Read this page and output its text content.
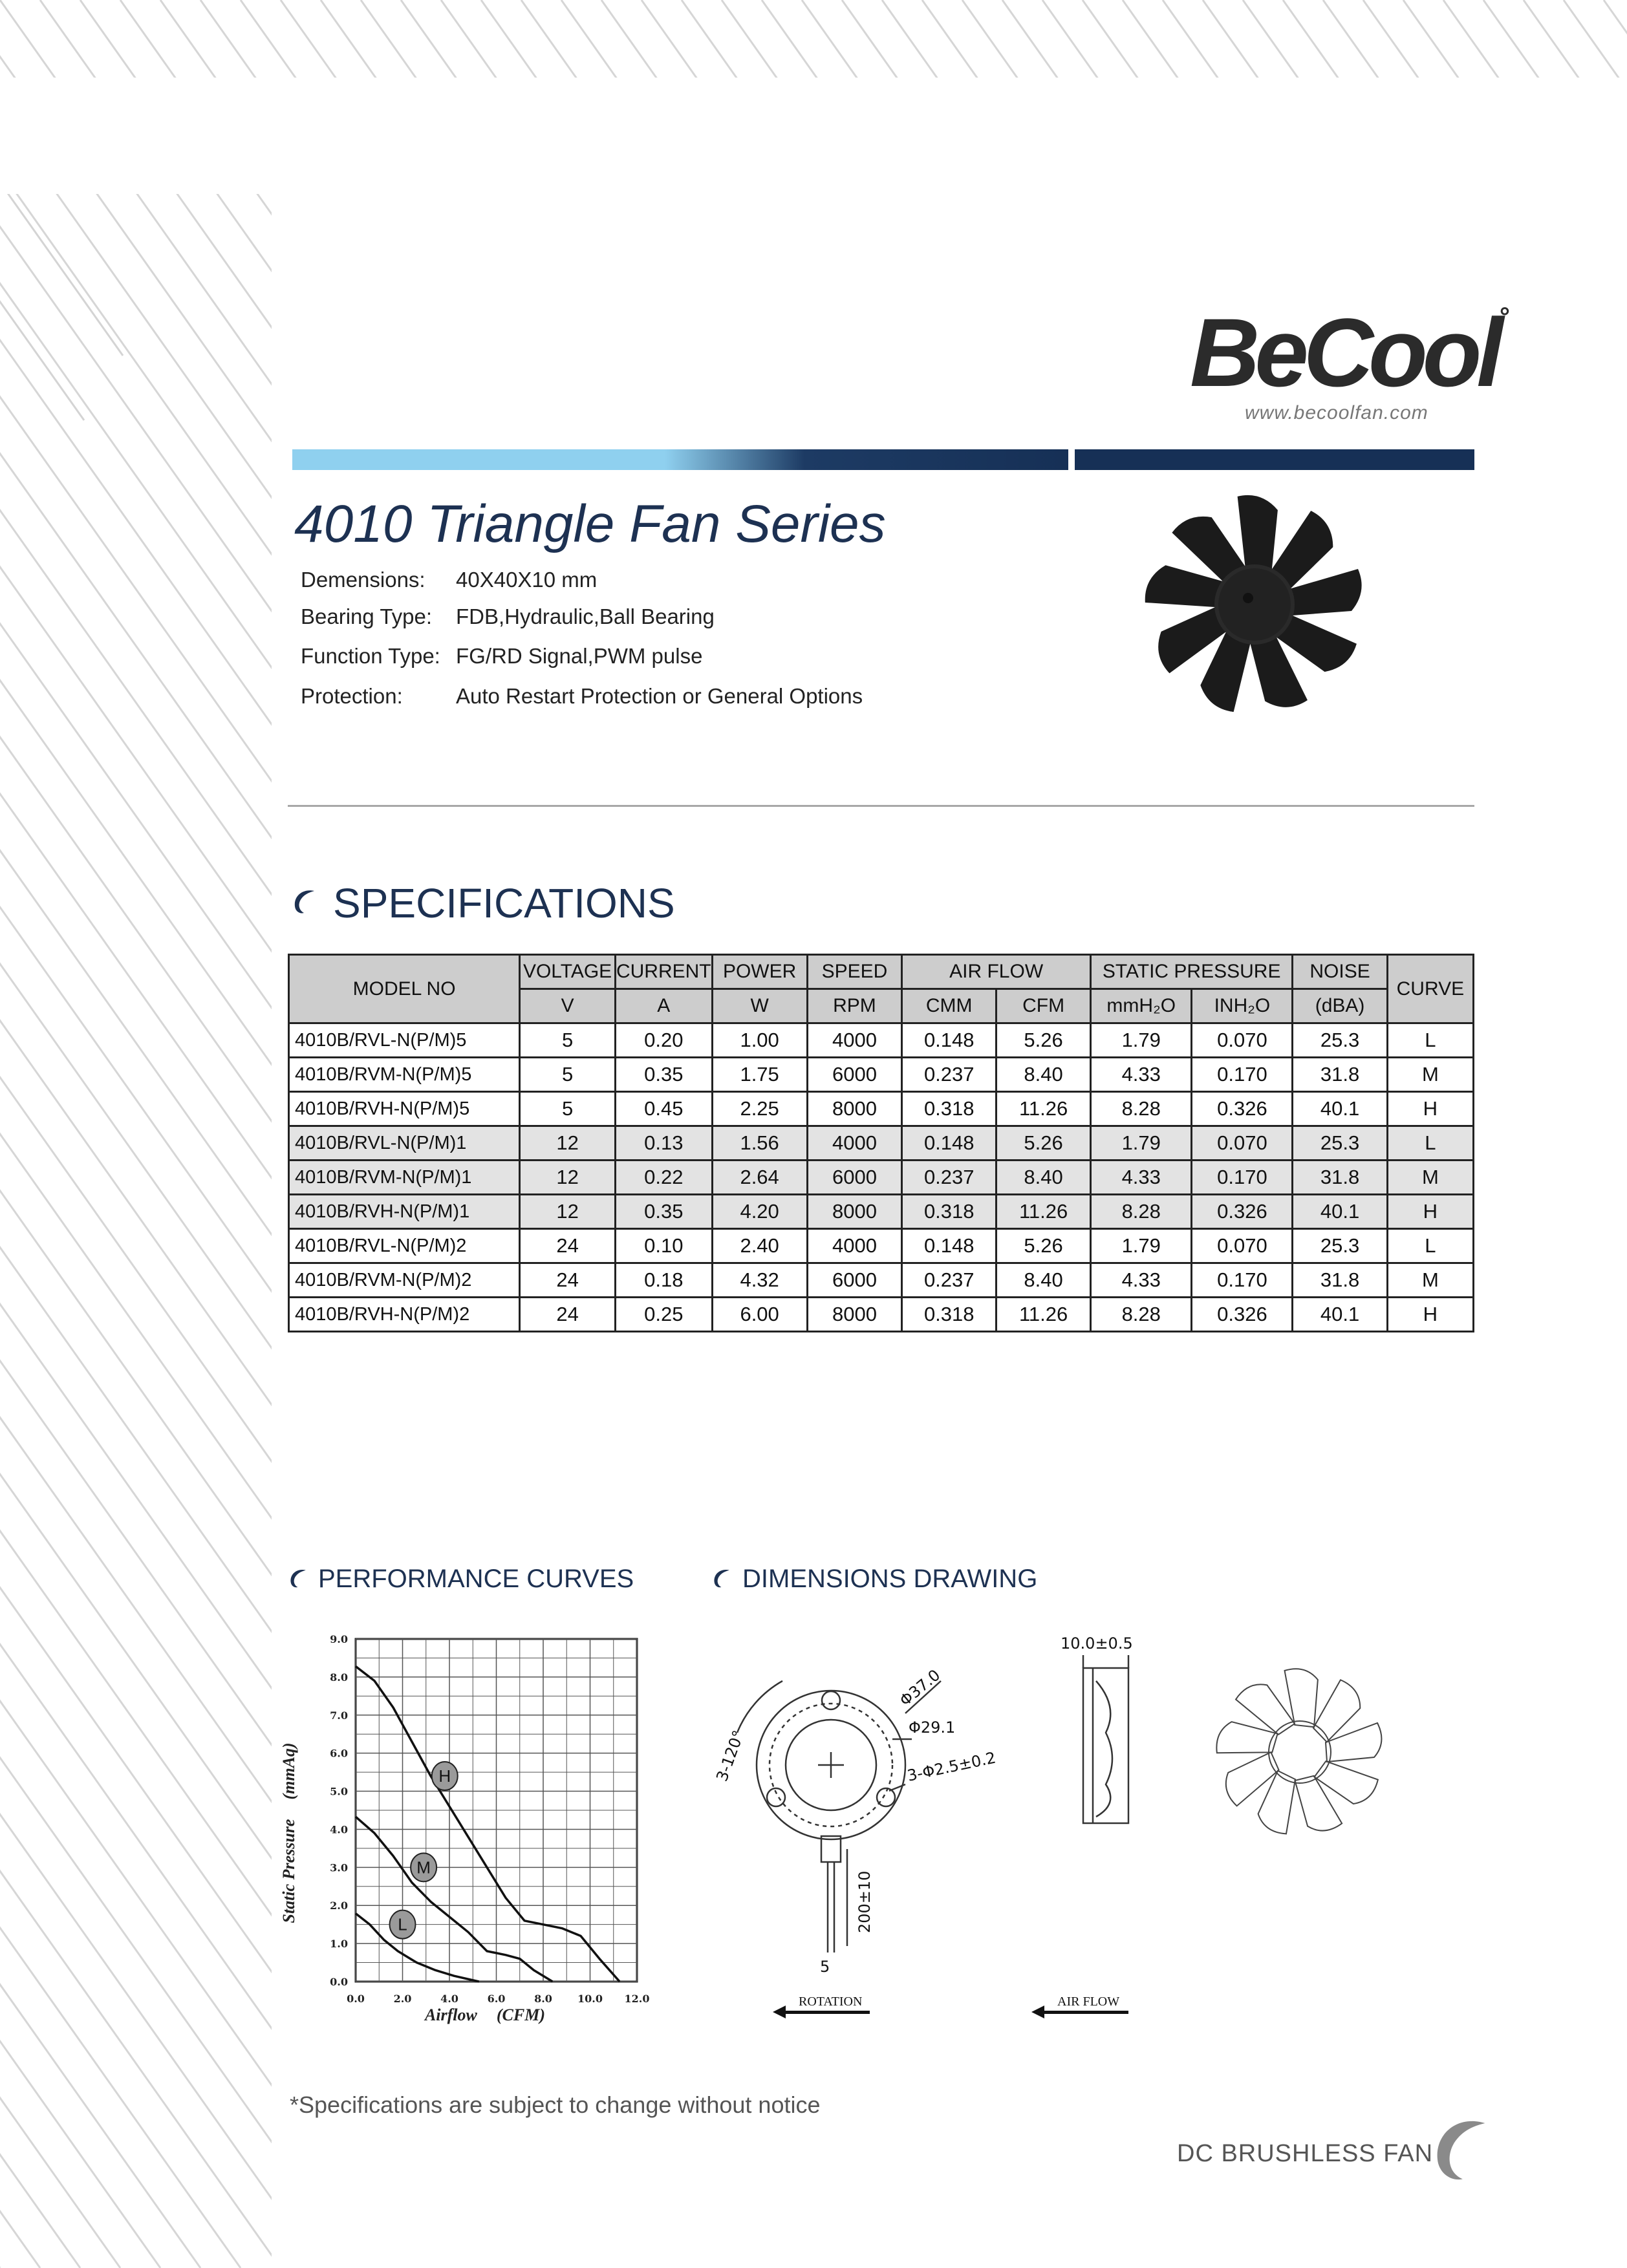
BeCool°
www.becoolfan.com
4010 Triangle Fan Series
Demensions: 40X40X10 mm
Bearing Type: FDB,Hydraulic,Ball Bearing
Function Type: FG/RD Signal,PWM pulse
Protection: Auto Restart Protection or General Options
SPECIFICATIONS
MODEL NO	VOLTAGE	CURRENT	POWER	SPEED	AIR FLOW		STATIC PRESSURE		NOISE	CURVE
	V	A	W	RPM	CMM	CFM	mmH₂O	INH₂O	(dBA)	
4010B/RVL-N(P/M)5	5	0.20	1.00	4000	0.148	5.26	1.79	0.070	25.3	L
4010B/RVM-N(P/M)5	5	0.35	1.75	6000	0.237	8.40	4.33	0.170	31.8	M
4010B/RVH-N(P/M)5	5	0.45	2.25	8000	0.318	11.26	8.28	0.326	40.1	H
4010B/RVL-N(P/M)1	12	0.13	1.56	4000	0.148	5.26	1.79	0.070	25.3	L
4010B/RVM-N(P/M)1	12	0.22	2.64	6000	0.237	8.40	4.33	0.170	31.8	M
4010B/RVH-N(P/M)1	12	0.35	4.20	8000	0.318	11.26	8.28	0.326	40.1	H
4010B/RVL-N(P/M)2	24	0.10	2.40	4000	0.148	5.26	1.79	0.070	25.3	L
4010B/RVM-N(P/M)2	24	0.18	4.32	6000	0.237	8.40	4.33	0.170	31.8	M
4010B/RVH-N(P/M)2	24	0.25	6.00	8000	0.318	11.26	8.28	0.326	40.1	H
PERFORMANCE CURVES	DIMENSIONS DRAWING
H
M
L
0.0	2.0	4.0	6.0	8.0 10.0 12.0
0.0
1.0
2.0
3.0
4.0
5.0
6.0
7.0
8.0
9.0
Static Pressure(mmAq)
Airflow (CFM)
3-120°
Φ37.0
Φ29.1
3-Φ2.5±0.2
200±10
5
ROTATION
10.0±0.5
AIR FLOW
*Specifications are subject to change without notice
DC BRUSHLESS FAN
